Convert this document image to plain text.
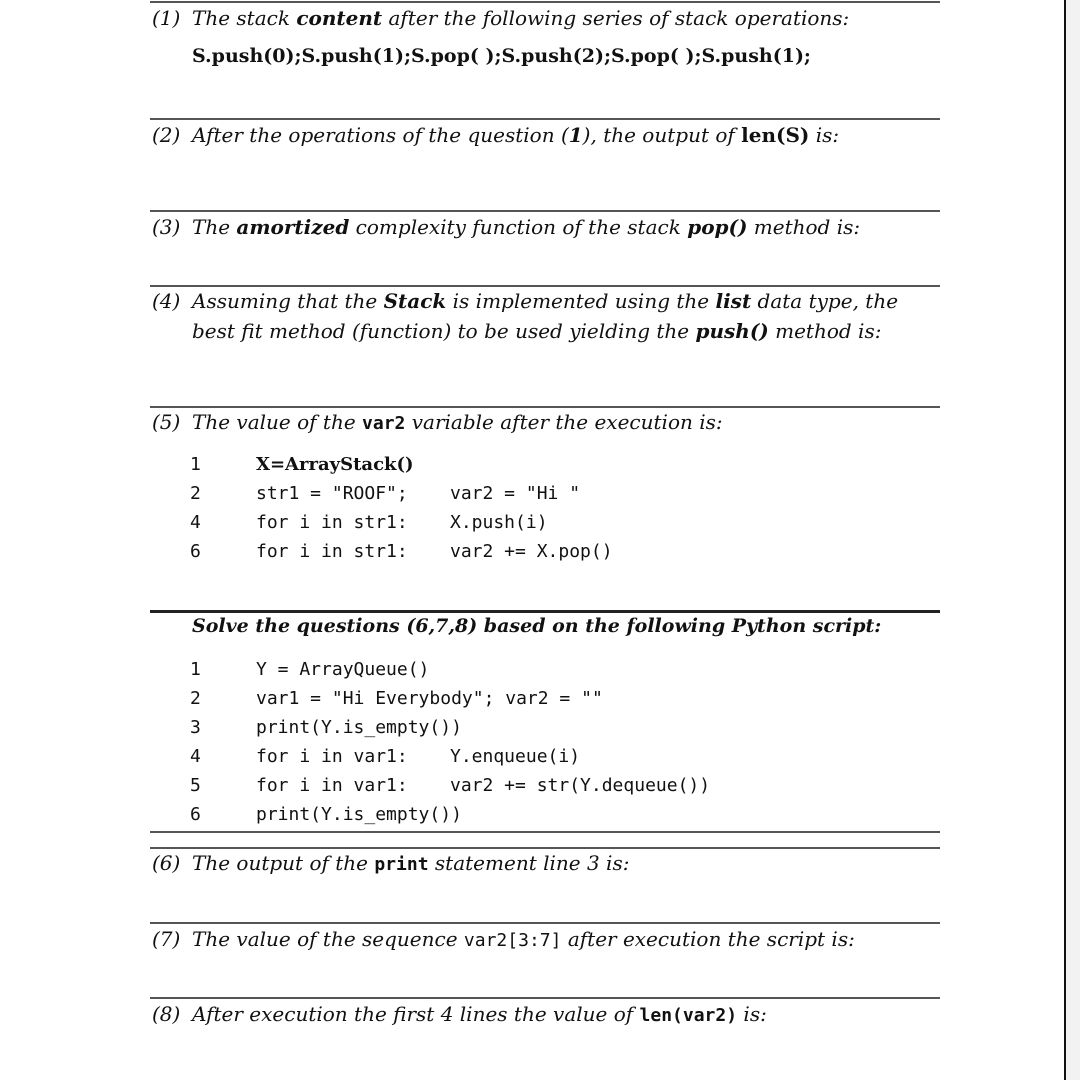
(1) The stack content after the following series of stack operations:
S.push(0);S.push(1);S.pop( );S.push(2);S.pop( );S.push(1);
(2) After the operations of the question (1), the output of len(S) is:
(3) The amortized complexity function of the stack pop() method is:
(4) Assuming that the Stack is implemented using the list data type, the
best fit method (function) to be used yielding the push() method is:
(5) The value of the var2 variable after the execution is:
1	X=ArrayStack()
2	str1 = "ROOF"; var2 = "Hi "
4	for i in str1: X.push(i)
6	for i in str1: var2 += X.pop()
Solve the questions (6,7,8) based on the following Python script:
1	Y = ArrayQueue()
2	var1 = "Hi Everybody"; var2 = ""
3	print(Y.is_empty())
4	for i in var1: Y.enqueue(i)
5	for i in var1: var2 += str(Y.dequeue())
6	print(Y.is_empty())
(6) The output of the print statement line 3 is:
(7) The value of the sequence var2[3:7] after execution the script is:
(8) After execution the first 4 lines the value of len(var2) is:
